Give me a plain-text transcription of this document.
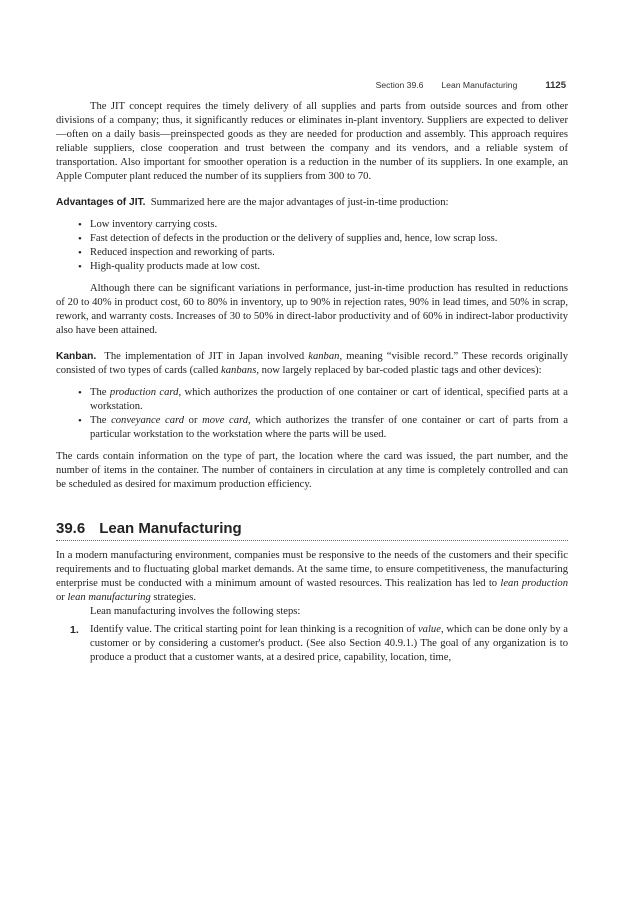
Section 39.6 Lean Manufacturing	1125

The JIT concept requires the timely delivery of all supplies and parts from outside sources and from other divisions of a company; thus, it significantly reduces or eliminates in-plant inventory. Suppliers are expected to deliver—often on a daily basis—preinspected goods as they are needed for production and assembly. This approach requires reliable suppliers, close cooperation and trust between the company and its vendors, and a reliable system of transportation. Also important for smoother operation is a reduction in the number of its suppliers. In one example, an Apple Computer plant reduced the number of its suppliers from 300 to 70.

Advantages of JIT. Summarized here are the major advantages of just-in-time production:

• Low inventory carrying costs.
• Fast detection of defects in the production or the delivery of supplies and, hence, low scrap loss.
• Reduced inspection and reworking of parts.
• High-quality products made at low cost.

Although there can be significant variations in performance, just-in-time production has resulted in reductions of 20 to 40% in product cost, 60 to 80% in inventory, up to 90% in rejection rates, 90% in lead times, and 50% in scrap, rework, and warranty costs. Increases of 30 to 50% in direct-labor productivity and of 60% in indirect-labor productivity also have been attained.

Kanban. The implementation of JIT in Japan involved kanban, meaning “visible record.” These records originally consisted of two types of cards (called kanbans, now largely replaced by bar-coded plastic tags and other devices):

• The production card, which authorizes the production of one container or cart of identical, specified parts at a workstation.
• The conveyance card or move card, which authorizes the transfer of one container or cart of parts from a particular workstation to the workstation where the parts will be used.

The cards contain information on the type of part, the location where the card was issued, the part number, and the number of items in the container. The number of containers in circulation at any time is completely controlled and can be scheduled as desired for maximum production efficiency.

39.6 Lean Manufacturing

In a modern manufacturing environment, companies must be responsive to the needs of the customers and their specific requirements and to fluctuating global market demands. At the same time, to ensure competitiveness, the manufacturing enterprise must be conducted with a minimum amount of wasted resources. This realization has led to lean production or lean manufacturing strategies.

Lean manufacturing involves the following steps:

1. Identify value. The critical starting point for lean thinking is a recognition of value, which can be done only by a customer or by considering a customer's product. (See also Section 40.9.1.) The goal of any organization is to produce a product that a customer wants, at a desired price, capability, location, time,
